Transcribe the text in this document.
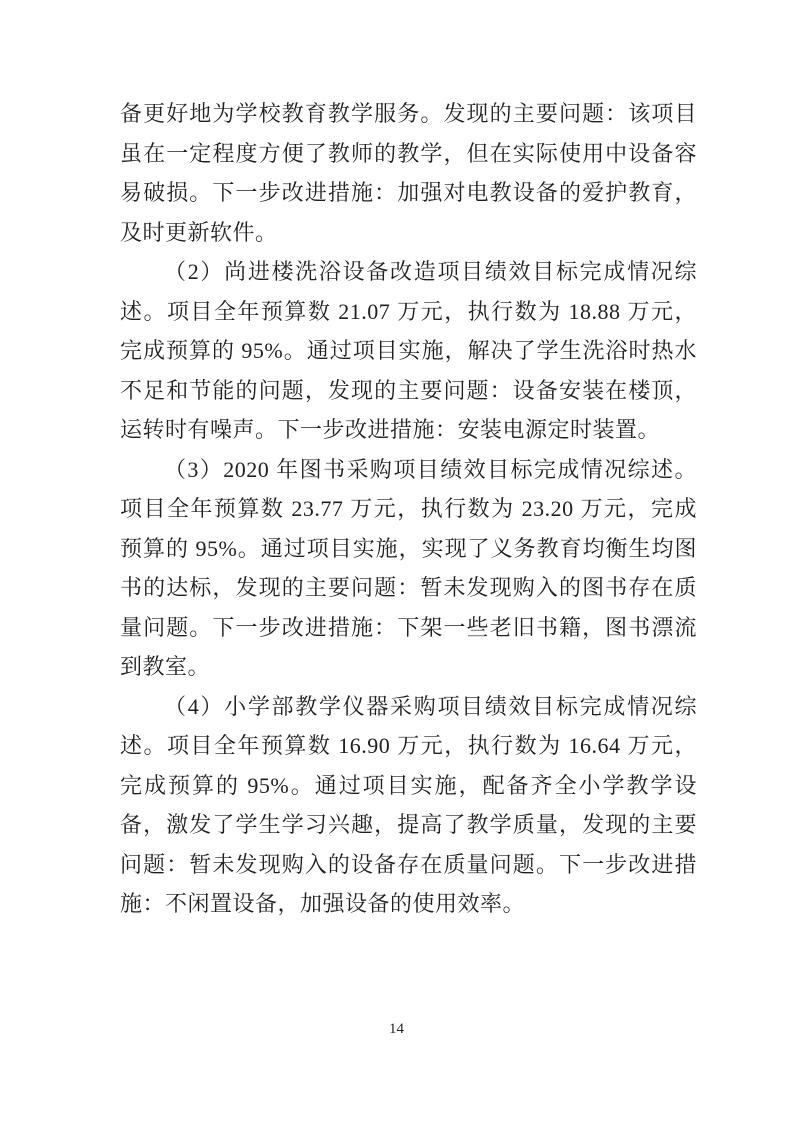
备更好地为学校教育教学服务。发现的主要问题：该项目虽在一定程度方便了教师的教学，但在实际使用中设备容易破损。下一步改进措施：加强对电教设备的爱护教育，及时更新软件。

（2）尚进楼洗浴设备改造项目绩效目标完成情况综述。项目全年预算数 21.07 万元，执行数为 18.88 万元，完成预算的 95%。通过项目实施，解决了学生洗浴时热水不足和节能的问题，发现的主要问题：设备安装在楼顶，运转时有噪声。下一步改进措施：安装电源定时装置。

（3）2020 年图书采购项目绩效目标完成情况综述。项目全年预算数 23.77 万元，执行数为 23.20 万元，完成预算的 95%。通过项目实施，实现了义务教育均衡生均图书的达标，发现的主要问题：暂未发现购入的图书存在质量问题。下一步改进措施：下架一些老旧书籍，图书漂流到教室。

（4）小学部教学仪器采购项目绩效目标完成情况综述。项目全年预算数 16.90 万元，执行数为 16.64 万元，完成预算的 95%。通过项目实施，配备齐全小学教学设备，激发了学生学习兴趣，提高了教学质量，发现的主要问题：暂未发现购入的设备存在质量问题。下一步改进措施：不闲置设备，加强设备的使用效率。

14
